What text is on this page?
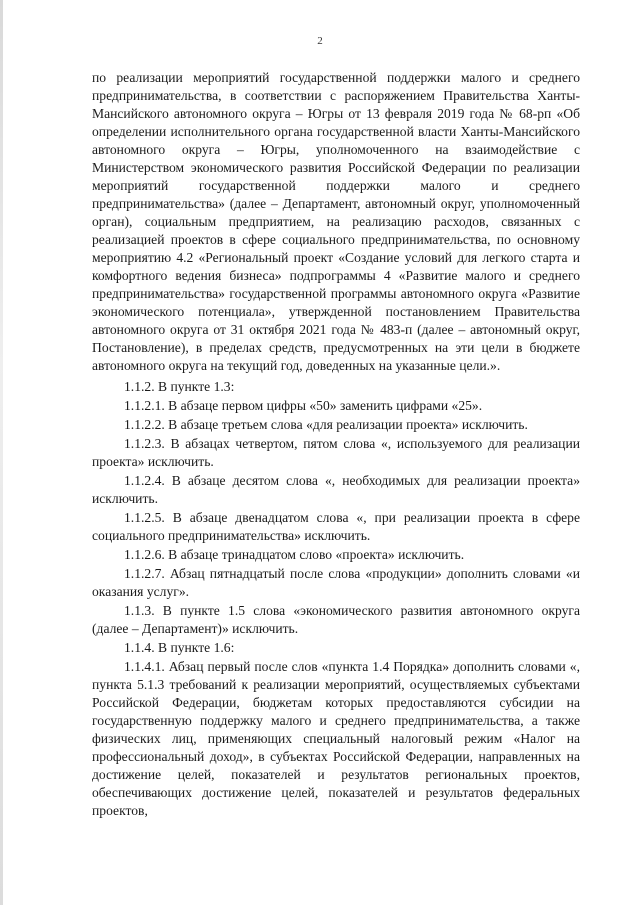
2

по реализации мероприятий государственной поддержки малого и среднего предпринимательства, в соответствии с распоряжением Правительства Ханты-Мансийского автономного округа – Югры от 13 февраля 2019 года № 68-рп «Об определении исполнительного органа государственной власти Ханты-Мансийского автономного округа – Югры, уполномоченного на взаимодействие с Министерством экономического развития Российской Федерации по реализации мероприятий государственной поддержки малого и среднего предпринимательства» (далее – Департамент, автономный округ, уполномоченный орган), социальным предприятием, на реализацию расходов, связанных с реализацией проектов в сфере социального предпринимательства, по основному мероприятию 4.2 «Региональный проект «Создание условий для легкого старта и комфортного ведения бизнеса» подпрограммы 4 «Развитие малого и среднего предпринимательства» государственной программы автономного округа «Развитие экономического потенциала», утвержденной постановлением Правительства автономного округа от 31 октября 2021 года № 483-п (далее – автономный округ, Постановление), в пределах средств, предусмотренных на эти цели в бюджете автономного округа на текущий год, доведенных на указанные цели.».

1.1.2. В пункте 1.3:

1.1.2.1. В абзаце первом цифры «50» заменить цифрами «25».

1.1.2.2. В абзаце третьем слова «для реализации проекта» исключить.

1.1.2.3. В абзацах четвертом, пятом слова «, используемого для реализации проекта» исключить.

1.1.2.4. В абзаце десятом слова «, необходимых для реализации проекта» исключить.

1.1.2.5. В абзаце двенадцатом слова «, при реализации проекта в сфере социального предпринимательства» исключить.

1.1.2.6. В абзаце тринадцатом слово «проекта» исключить.

1.1.2.7. Абзац пятнадцатый после слова «продукции» дополнить словами «и оказания услуг».

1.1.3. В пункте 1.5 слова «экономического развития автономного округа (далее – Департамент)» исключить.

1.1.4. В пункте 1.6:

1.1.4.1. Абзац первый после слов «пункта 1.4 Порядка» дополнить словами «, пункта 5.1.3 требований к реализации мероприятий, осуществляемых субъектами Российской Федерации, бюджетам которых предоставляются субсидии на государственную поддержку малого и среднего предпринимательства, а также физических лиц, применяющих специальный налоговый режим «Налог на профессиональный доход», в субъектах Российской Федерации, направленных на достижение целей, показателей и результатов региональных проектов, обеспечивающих достижение целей, показателей и результатов федеральных проектов,
